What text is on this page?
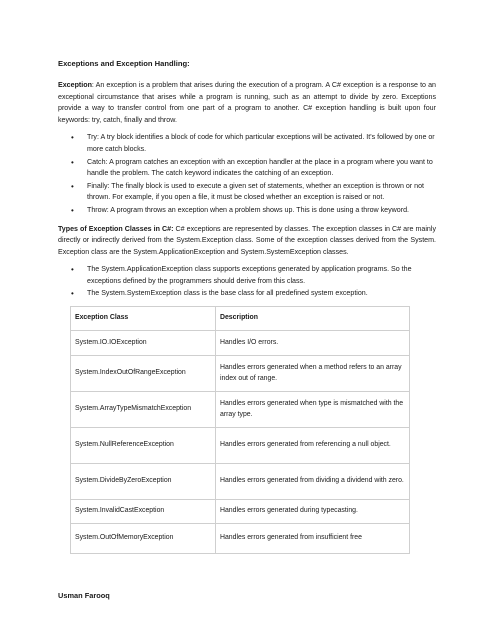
Exceptions and Exception Handling:

Exception: An exception is a problem that arises during the execution of a program. A C# exception is a response to an exceptional circumstance that arises while a program is running, such as an attempt to divide by zero. Exceptions provide a way to transfer control from one part of a program to another. C# exception handling is built upon four keywords: try, catch, finally and throw.

• Try: A try block identifies a block of code for which particular exceptions will be activated. It's followed by one or more catch blocks.
• Catch: A program catches an exception with an exception handler at the place in a program where you want to handle the problem. The catch keyword indicates the catching of an exception.
• Finally: The finally block is used to execute a given set of statements, whether an exception is thrown or not thrown. For example, if you open a file, it must be closed whether an exception is raised or not.
• Throw: A program throws an exception when a problem shows up. This is done using a throw keyword.

Types of Exception Classes in C#: C# exceptions are represented by classes. The exception classes in C# are mainly directly or indirectly derived from the System.Exception class. Some of the exception classes derived from the System. Exception class are the System.ApplicationException and System.SystemException classes.

• The System.ApplicationException class supports exceptions generated by application programs. So the exceptions defined by the programmers should derive from this class.
• The System.SystemException class is the base class for all predefined system exception.
Exception Class	Description
System.IO.IOException	Handles I/O errors.
System.IndexOutOfRangeException	Handles errors generated when a method refers to an array index out of range.
System.ArrayTypeMismatchException	Handles errors generated when type is mismatched with the array type.
System.NullReferenceException	Handles errors generated from referencing a null object.
System.DivideByZeroException	Handles errors generated from dividing a dividend with zero.
System.InvalidCastException	Handles errors generated during typecasting.
System.OutOfMemoryException	Handles errors generated from insufficient free
Usman Farooq
